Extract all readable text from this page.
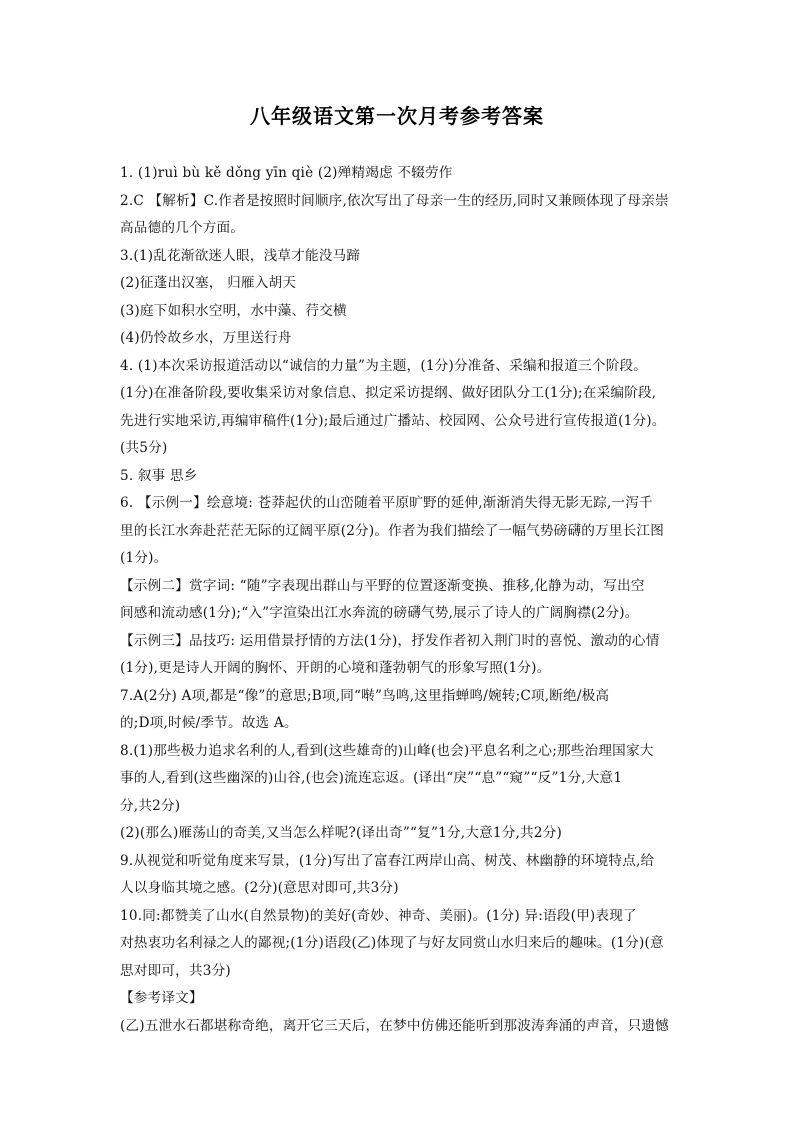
八年级语文第一次月考参考答案
1. (1)ruì bù kě dǒng yīn qiè (2)殚精竭虑 不辍劳作
2.C 【解析】C.作者是按照时间顺序,依次写出了母亲一生的经历,同时又兼顾体现了母亲崇
高品德的几个方面。
3.(1)乱花渐欲迷人眼，浅草才能没马蹄
(2)征蓬出汉塞， 归雁入胡天
(3)庭下如积水空明，水中藻、荇交横
(4)仍怜故乡水，万里送行舟
4. (1)本次采访报道活动以“诚信的力量”为主题，(1分)分准备、采编和报道三个阶段。
(1分)在准备阶段,要收集采访对象信息、拟定采访提纲、做好团队分工(1分);在采编阶段,
先进行实地采访,再编审稿件(1分);最后通过广播站、校园网、公众号进行宣传报道(1分)。
(共5分)
5. 叙事 思乡
6. 【示例一】绘意境: 苍莽起伏的山峦随着平原旷野的延伸,渐渐消失得无影无踪,一泻千
里的长江水奔赴茫茫无际的辽阔平原(2分)。作者为我们描绘了一幅气势磅礴的万里长江图
(1分)。
【示例二】赏字词: “随”字表现出群山与平野的位置逐渐变换、推移,化静为动，写出空
间感和流动感(1分);“入”字渲染出江水奔流的磅礴气势,展示了诗人的广阔胸襟(2分)。
【示例三】品技巧: 运用借景抒情的方法(1分)，抒发作者初入荆门时的喜悦、激动的心情
(1分),更是诗人开阔的胸怀、开朗的心境和蓬勃朝气的形象写照(1分)。
7.A(2分) A项,都是“像”的意思;B项,同“啭”鸟鸣,这里指蝉鸣/婉转;C项,断绝/极高
的;D项,时候/季节。故选 A。
8.(1)那些极力追求名利的人,看到(这些雄奇的)山峰(也会)平息名利之心;那些治理国家大
事的人,看到(这些幽深的)山谷,(也会)流连忘返。(译出“戾”“息”“窥”“反”1分,大意1
分,共2分)
(2)(那么)雁荡山的奇美,又当怎么样呢?(译出奇”“复”1分,大意1分,共2分)
9.从视觉和听觉角度来写景，(1分)写出了富春江两岸山高、树茂、林幽静的环境特点,给
人以身临其境之感。(2分)(意思对即可,共3分)
10.同:都赞美了山水(自然景物)的美好(奇妙、神奇、美丽)。(1分) 异:语段(甲)表现了
对热衷功名利禄之人的鄙视;(1分)语段(乙)体现了与好友同赏山水归来后的趣味。(1分)(意
思对即可，共3分)
【参考译文】
(乙)五泄水石都堪称奇绝，离开它三天后，在梦中仿佛还能听到那波涛奔涌的声音，只遗憾
